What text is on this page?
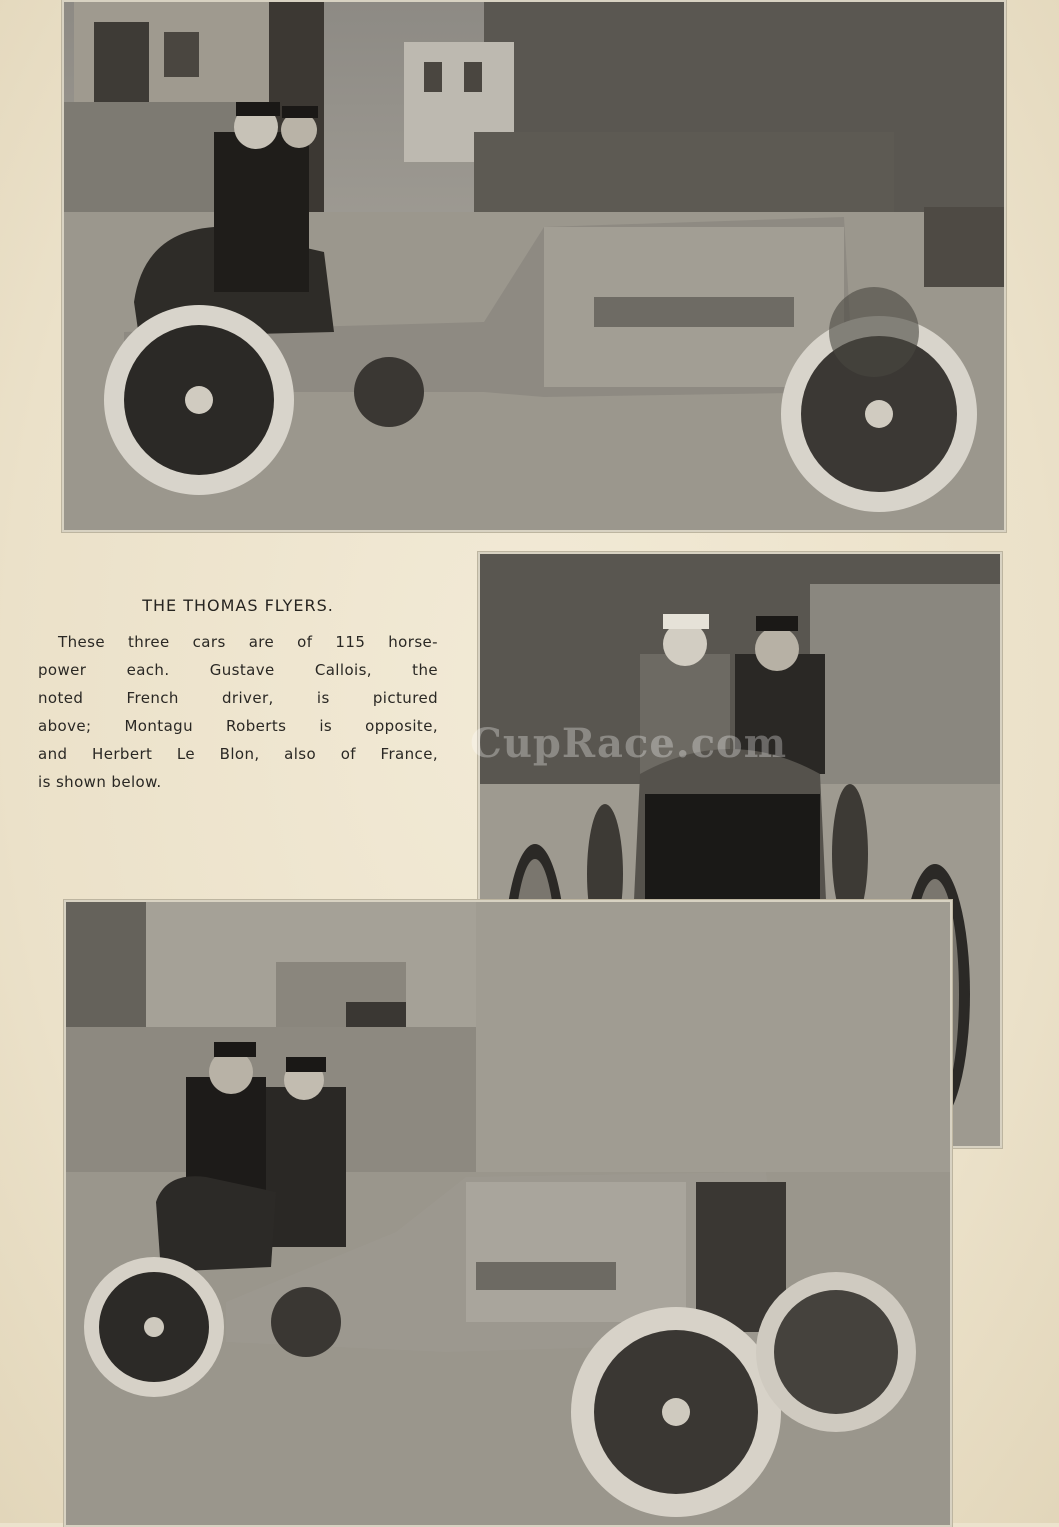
THE THOMAS FLYERS.

These three cars are of 115 horse-
power each. Gustave Callois, the
noted French driver, is pictured
above; Montagu Roberts is opposite,
and Herbert Le Blon, also of France,
is shown below.

CupRace.com
